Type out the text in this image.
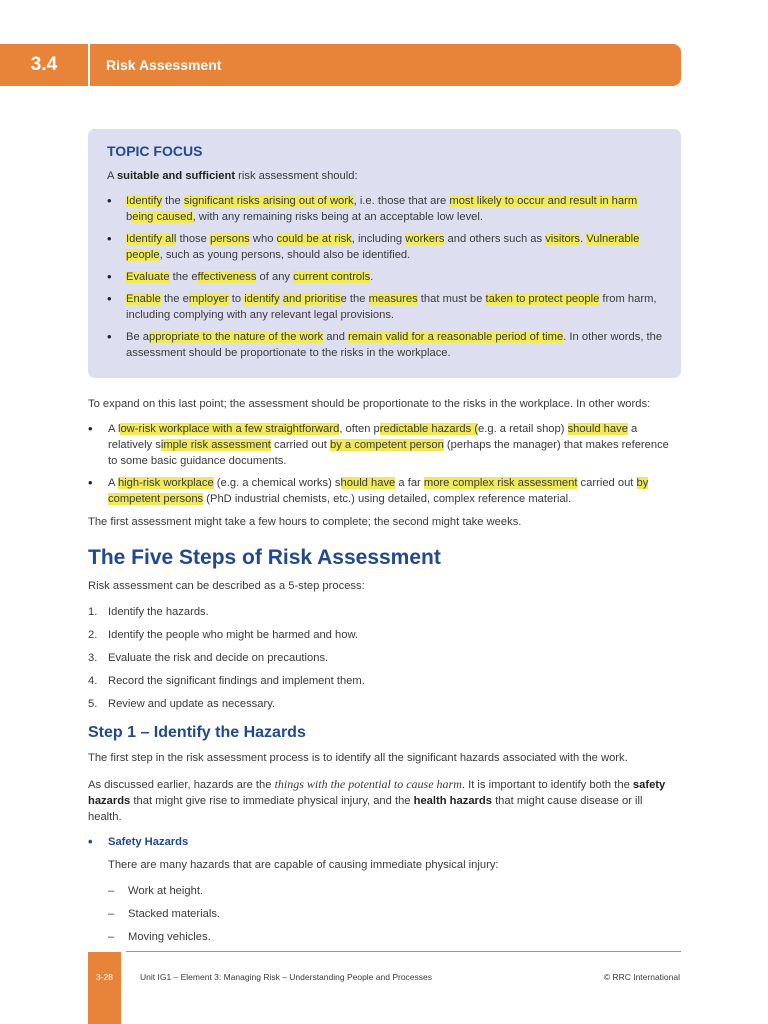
3.4	Risk Assessment
TOPIC FOCUS
A suitable and sufficient risk assessment should:
• Identify the significant risks arising out of work, i.e. those that are most likely to occur and result in harm
being caused, with any remaining risks being at an acceptable low level.
• Identify all those persons who could be at risk, including workers and others such as visitors. Vulnerable people, such as young persons, should also be identified.
• Evaluate the effectiveness of any current controls.
• Enable the employer to identify and prioritise the measures that must be taken to protect people from harm, including complying with any relevant legal provisions.
• Be appropriate to the nature of the work and remain valid for a reasonable period of time. In other words, the assessment should be proportionate to the risks in the workplace.
To expand on this last point; the assessment should be proportionate to the risks in the workplace. In other words:
• A low-risk workplace with a few straightforward, often predictable hazards (e.g. a retail shop) should have a relatively simple risk assessment carried out by a competent person (perhaps the manager) that makes reference to some basic guidance documents.
• A high-risk workplace (e.g. a chemical works) should have a far more complex risk assessment carried out by competent persons (PhD industrial chemists, etc.) using detailed, complex reference material.
The first assessment might take a few hours to complete; the second might take weeks.
The Five Steps of Risk Assessment
Risk assessment can be described as a 5-step process:
1. Identify the hazards.
2. Identify the people who might be harmed and how.
3. Evaluate the risk and decide on precautions.
4. Record the significant findings and implement them.
5. Review and update as necessary.
Step 1 – Identify the Hazards
The first step in the risk assessment process is to identify all the significant hazards associated with the work.
As discussed earlier, hazards are the things with the potential to cause harm. It is important to identify both the safety hazards that might give rise to immediate physical injury, and the health hazards that might cause disease or ill health.
• Safety Hazards
There are many hazards that are capable of causing immediate physical injury:
– Work at height.
– Stacked materials.
– Moving vehicles.
3-28	Unit IG1 – Element 3: Managing Risk – Understanding People and Processes	© RRC International
